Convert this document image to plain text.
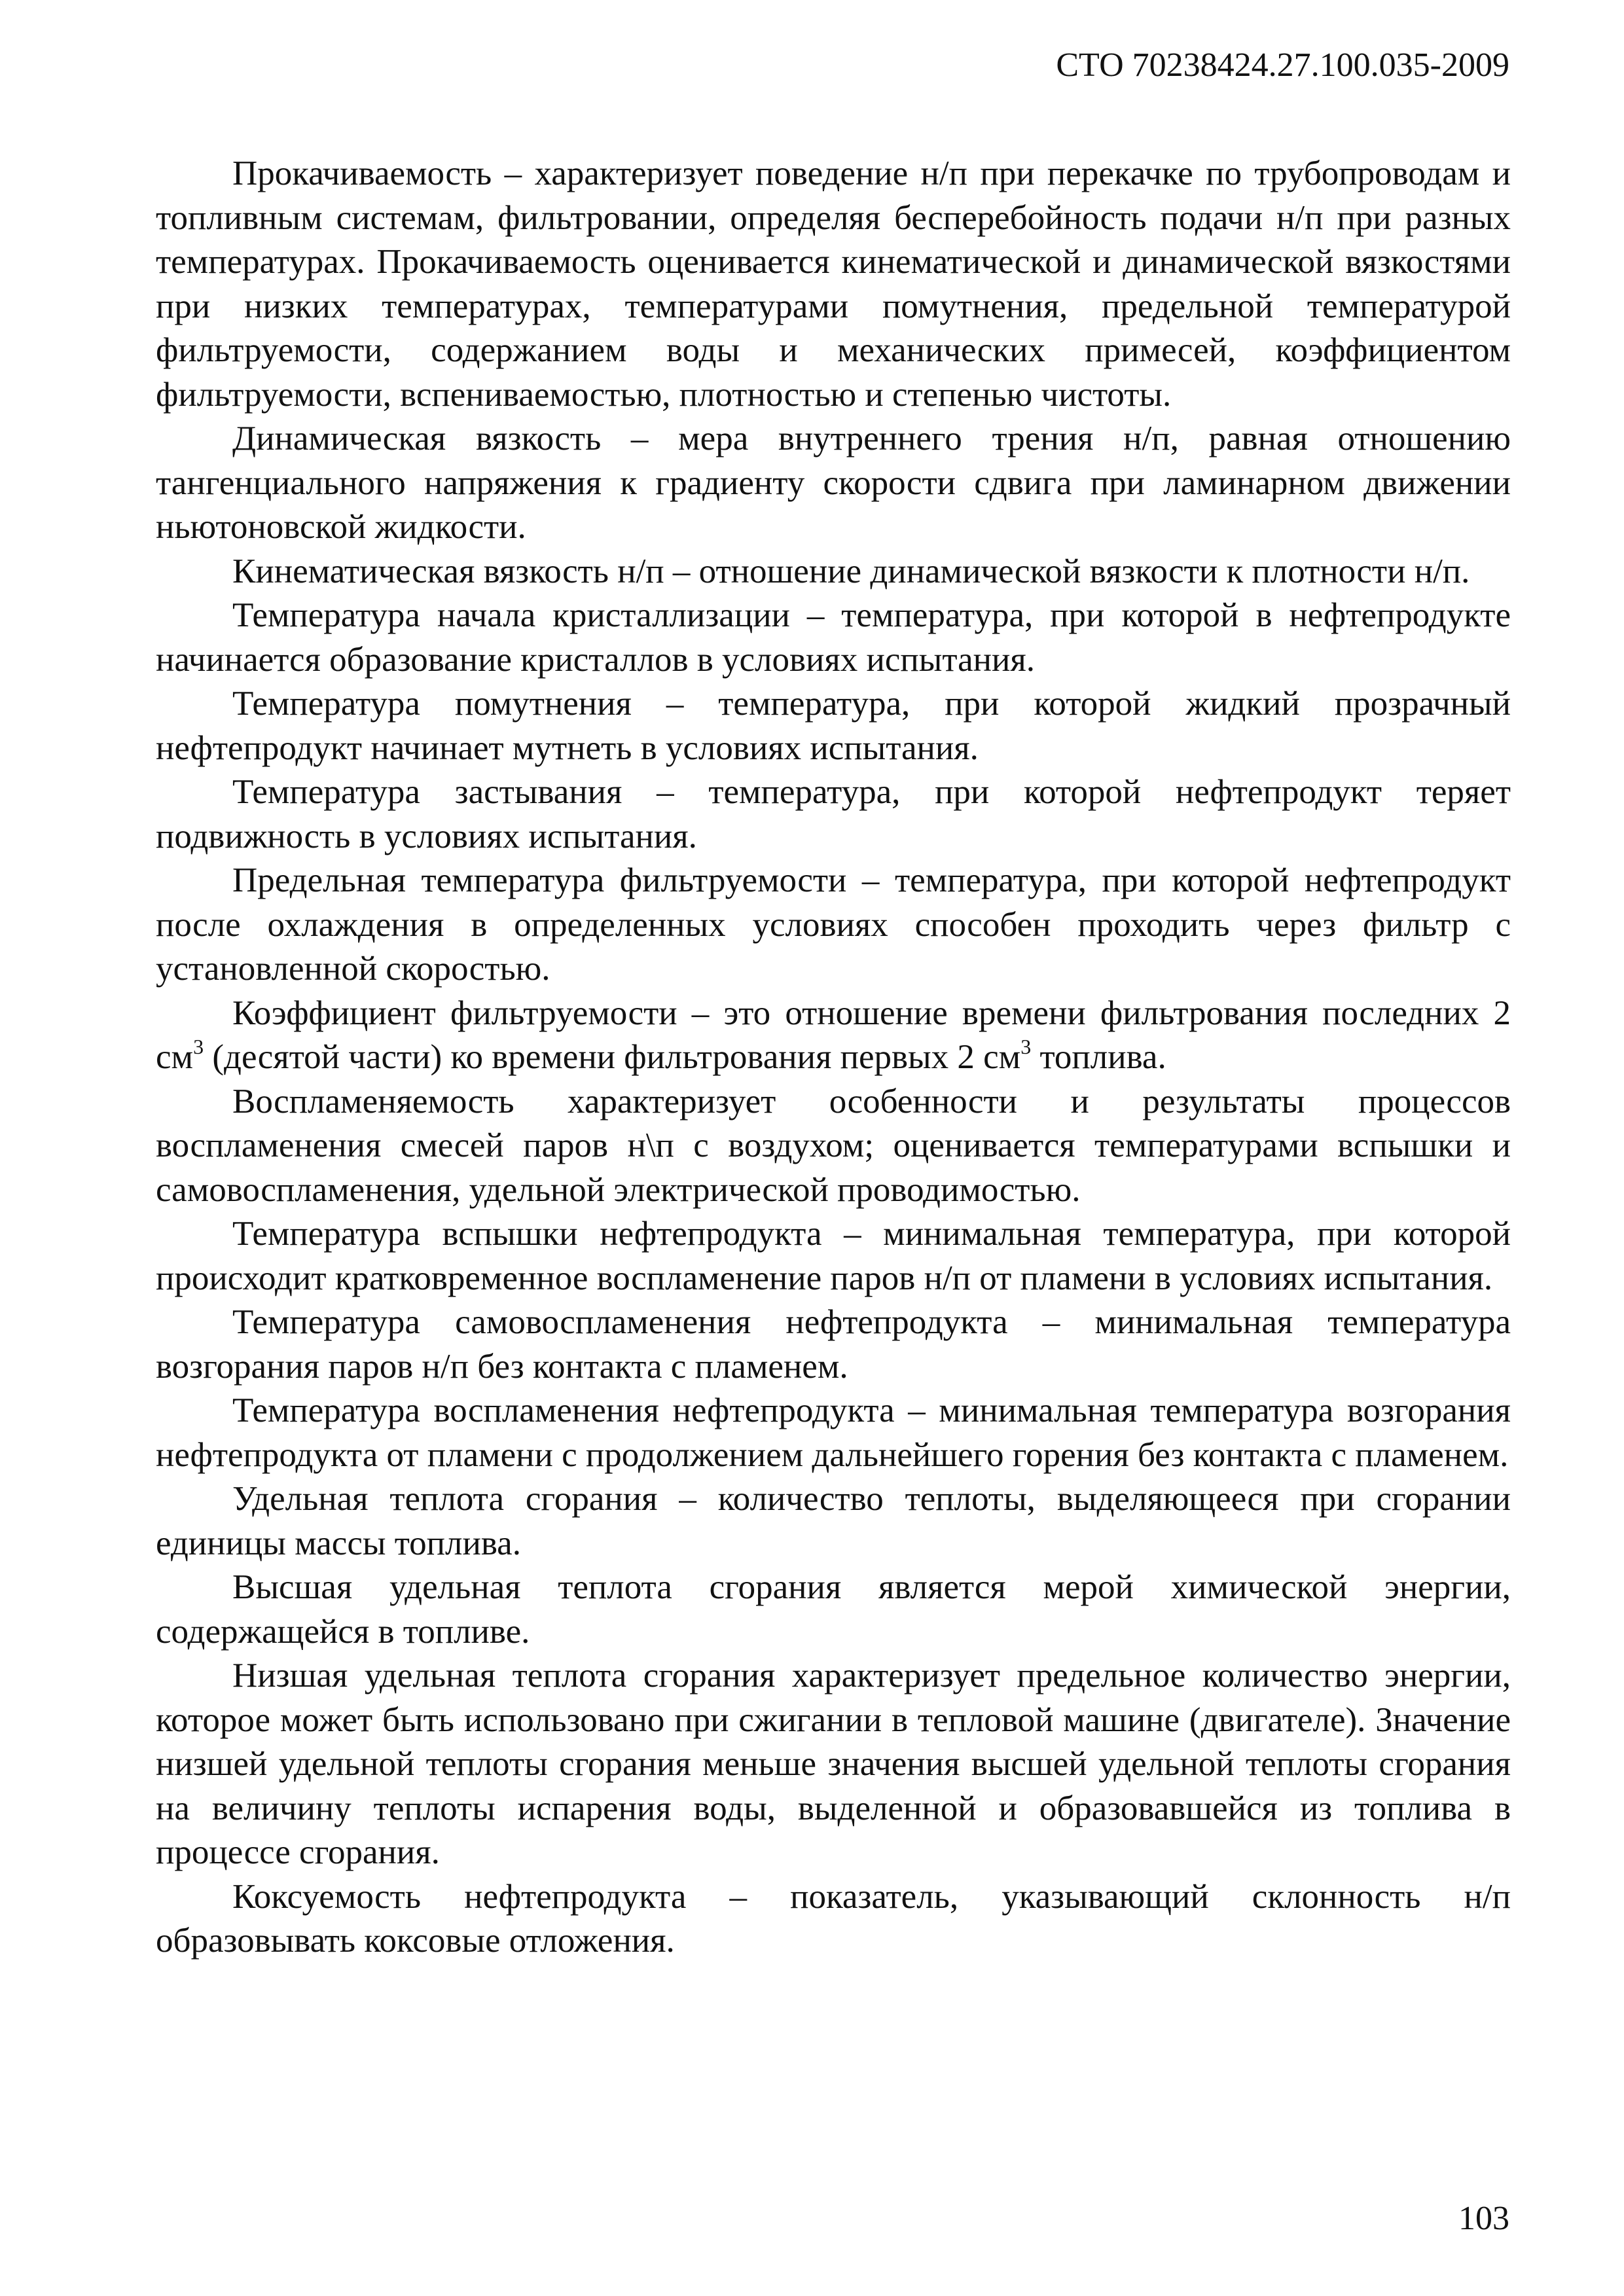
СТО 70238424.27.100.035-2009

Прокачиваемость – характеризует поведение н/п при перекачке по трубопроводам и топливным системам, фильтровании, определяя бесперебойность подачи н/п при разных температурах. Прокачиваемость оценивается кинематической и динамической вязкостями при низких температурах, температурами помутнения, предельной температурой фильтруемости, содержанием воды и механических примесей, коэффициентом фильтруемости, вспениваемостью, плотностью и степенью чистоты.

Динамическая вязкость – мера внутреннего трения н/п, равная отношению тангенциального напряжения к градиенту скорости сдвига при ламинарном движении ньютоновской жидкости.

Кинематическая вязкость н/п – отношение динамической вязкости к плотности н/п.

Температура начала кристаллизации – температура, при которой в нефтепродукте начинается образование кристаллов в условиях испытания.

Температура помутнения – температура, при которой жидкий прозрачный нефтепродукт начинает мутнеть в условиях испытания.

Температура застывания – температура, при которой нефтепродукт теряет подвижность в условиях испытания.

Предельная температура фильтруемости – температура, при которой нефтепродукт после охлаждения в определенных условиях способен проходить через фильтр с установленной скоростью.

Коэффициент фильтруемости – это отношение времени фильтрования последних 2 $см^3$ (десятой части) ко времени фильтрования первых 2 $см^3$ топлива.

Воспламеняемость характеризует особенности и результаты процессов воспламенения смесей паров н\п с воздухом; оценивается температурами вспышки и самовоспламенения, удельной электрической проводимостью.

Температура вспышки нефтепродукта – минимальная температура, при которой происходит кратковременное воспламенение паров н/п от пламени в условиях испытания.

Температура самовоспламенения нефтепродукта – минимальная температура возгорания паров н/п без контакта с пламенем.

Температура воспламенения нефтепродукта – минимальная температура возгорания нефтепродукта от пламени с продолжением дальнейшего горения без контакта с пламенем.

Удельная теплота сгорания – количество теплоты, выделяющееся при сгорании единицы массы топлива.

Высшая удельная теплота сгорания является мерой химической энергии, содержащейся в топливе.

Низшая удельная теплота сгорания характеризует предельное количество энергии, которое может быть использовано при сжигании в тепловой машине (двигателе). Значение низшей удельной теплоты сгорания меньше значения высшей удельной теплоты сгорания на величину теплоты испарения воды, выделенной и образовавшейся из топлива в процессе сгорания.

Коксуемость нефтепродукта – показатель, указывающий склонность н/п образовывать коксовые отложения.

103
